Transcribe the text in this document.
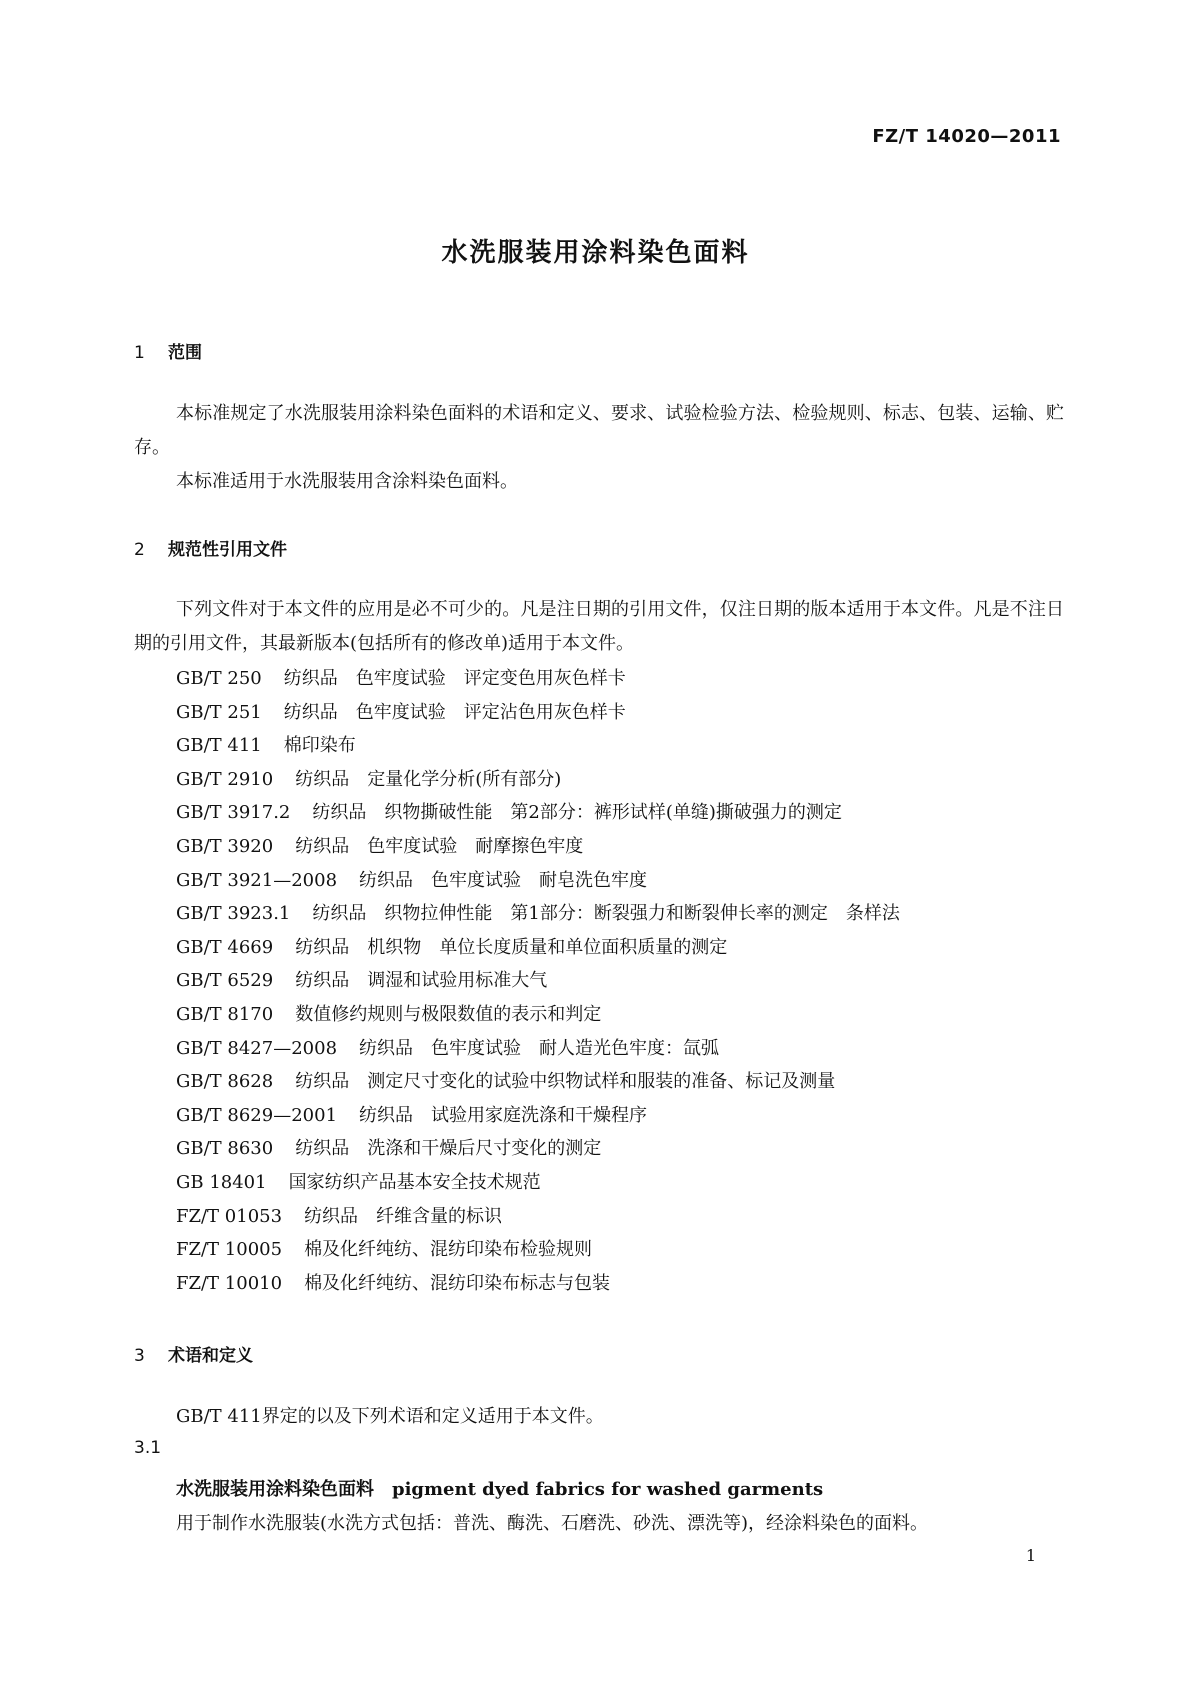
FZ/T 14020—2011
水洗服装用涂料染色面料
1 范围
本标准规定了水洗服装用涂料染色面料的术语和定义、要求、试验检验方法、检验规则、标志、包装、运输、贮存。
本标准适用于水洗服装用含涂料染色面料。
2 规范性引用文件
下列文件对于本文件的应用是必不可少的。凡是注日期的引用文件，仅注日期的版本适用于本文件。凡是不注日期的引用文件，其最新版本(包括所有的修改单)适用于本文件。
GB/T 250 纺织品　色牢度试验　评定变色用灰色样卡
GB/T 251 纺织品　色牢度试验　评定沾色用灰色样卡
GB/T 411 棉印染布
GB/T 2910 纺织品　定量化学分析(所有部分)
GB/T 3917.2 纺织品　织物撕破性能　第2部分：裤形试样(单缝)撕破强力的测定
GB/T 3920 纺织品　色牢度试验　耐摩擦色牢度
GB/T 3921—2008 纺织品　色牢度试验　耐皂洗色牢度
GB/T 3923.1 纺织品　织物拉伸性能　第1部分：断裂强力和断裂伸长率的测定　条样法
GB/T 4669 纺织品　机织物　单位长度质量和单位面积质量的测定
GB/T 6529 纺织品　调湿和试验用标准大气
GB/T 8170 数值修约规则与极限数值的表示和判定
GB/T 8427—2008 纺织品　色牢度试验　耐人造光色牢度：氙弧
GB/T 8628 纺织品　测定尺寸变化的试验中织物试样和服装的准备、标记及测量
GB/T 8629—2001 纺织品　试验用家庭洗涤和干燥程序
GB/T 8630 纺织品　洗涤和干燥后尺寸变化的测定
GB 18401 国家纺织产品基本安全技术规范
FZ/T 01053 纺织品　纤维含量的标识
FZ/T 10005 棉及化纤纯纺、混纺印染布检验规则
FZ/T 10010 棉及化纤纯纺、混纺印染布标志与包装
3 术语和定义
GB/T 411界定的以及下列术语和定义适用于本文件。
3.1
水洗服装用涂料染色面料 pigment dyed fabrics for washed garments
用于制作水洗服装(水洗方式包括：普洗、酶洗、石磨洗、砂洗、漂洗等)，经涂料染色的面料。
1
